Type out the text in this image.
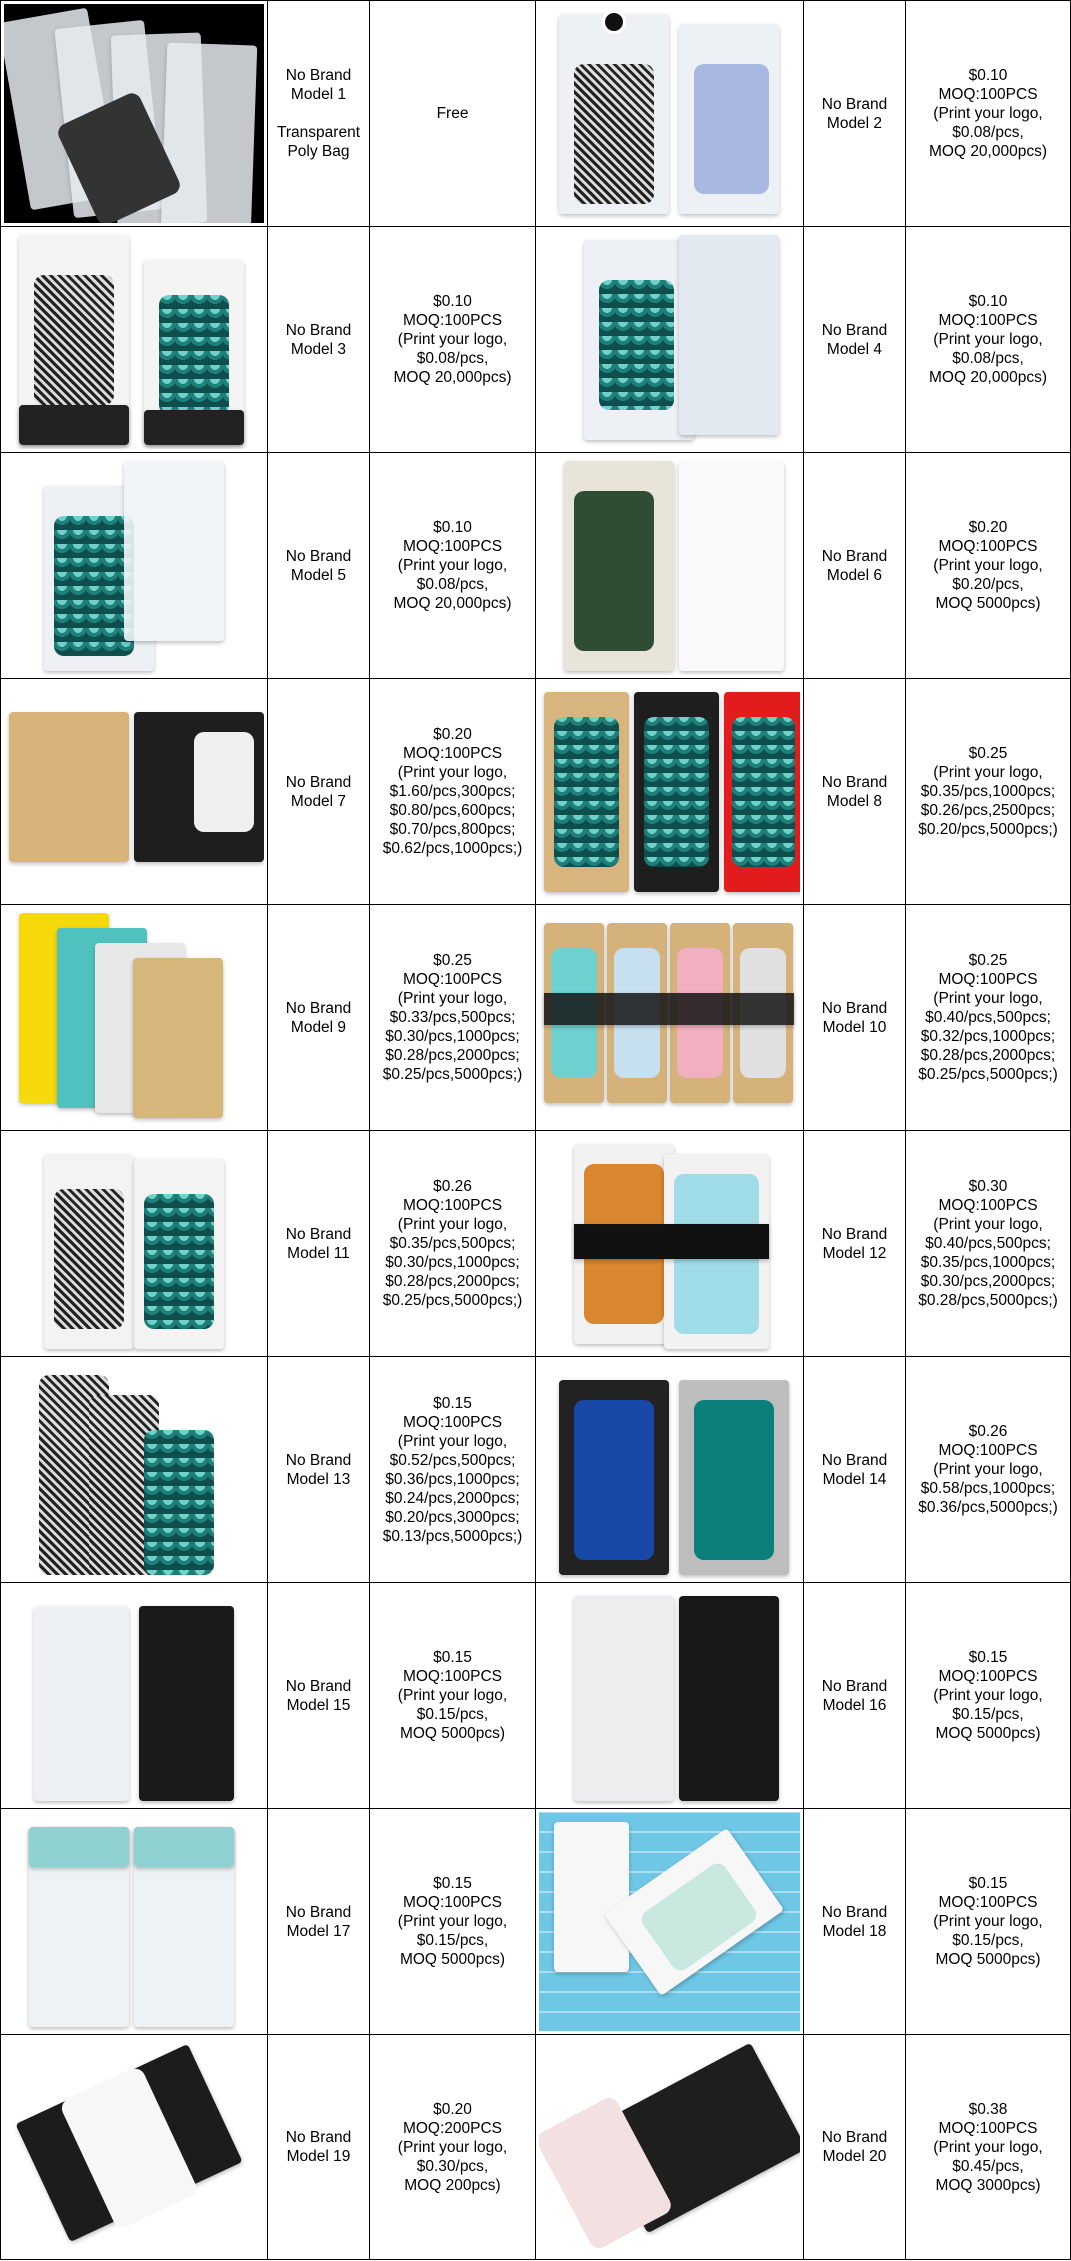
No Brand
Model 1

Transparent
Poly Bag
Free
No Brand
Model 2
$0.10
MOQ:100PCS
(Print your logo,
$0.08/pcs,
MOQ 20,000pcs)
No Brand
Model 3
$0.10
MOQ:100PCS
(Print your logo,
$0.08/pcs,
MOQ 20,000pcs)
No Brand
Model 4
$0.10
MOQ:100PCS
(Print your logo,
$0.08/pcs,
MOQ 20,000pcs)
No Brand
Model 5
$0.10
MOQ:100PCS
(Print your logo,
$0.08/pcs,
MOQ 20,000pcs)
No Brand
Model 6
$0.20
MOQ:100PCS
(Print your logo,
$0.20/pcs,
MOQ 5000pcs)
No Brand
Model 7
$0.20
MOQ:100PCS
(Print your logo,
$1.60/pcs,300pcs;
$0.80/pcs,600pcs;
$0.70/pcs,800pcs;
$0.62/pcs,1000pcs;)
No Brand
Model 8
$0.25
(Print your logo,
$0.35/pcs,1000pcs;
$0.26/pcs,2500pcs;
$0.20/pcs,5000pcs;)
No Brand
Model 9
$0.25
MOQ:100PCS
(Print your logo,
$0.33/pcs,500pcs;
$0.30/pcs,1000pcs;
$0.28/pcs,2000pcs;
$0.25/pcs,5000pcs;)
No Brand
Model 10
$0.25
MOQ:100PCS
(Print your logo,
$0.40/pcs,500pcs;
$0.32/pcs,1000pcs;
$0.28/pcs,2000pcs;
$0.25/pcs,5000pcs;)
No Brand
Model 11
$0.26
MOQ:100PCS
(Print your logo,
$0.35/pcs,500pcs;
$0.30/pcs,1000pcs;
$0.28/pcs,2000pcs;
$0.25/pcs,5000pcs;)
No Brand
Model 12
$0.30
MOQ:100PCS
(Print your logo,
$0.40/pcs,500pcs;
$0.35/pcs,1000pcs;
$0.30/pcs,2000pcs;
$0.28/pcs,5000pcs;)
No Brand
Model 13
$0.15
MOQ:100PCS
(Print your logo,
$0.52/pcs,500pcs;
$0.36/pcs,1000pcs;
$0.24/pcs,2000pcs;
$0.20/pcs,3000pcs;
$0.13/pcs,5000pcs;)
No Brand
Model 14
$0.26
MOQ:100PCS
(Print your logo,
$0.58/pcs,1000pcs;
$0.36/pcs,5000pcs;)
No Brand
Model 15
$0.15
MOQ:100PCS
(Print your logo,
$0.15/pcs,
MOQ 5000pcs)
No Brand
Model 16
$0.15
MOQ:100PCS
(Print your logo,
$0.15/pcs,
MOQ 5000pcs)
No Brand
Model 17
$0.15
MOQ:100PCS
(Print your logo,
$0.15/pcs,
MOQ 5000pcs)
No Brand
Model 18
$0.15
MOQ:100PCS
(Print your logo,
$0.15/pcs,
MOQ 5000pcs)
No Brand
Model 19
$0.20
MOQ:200PCS
(Print your logo,
$0.30/pcs,
MOQ 200pcs)
No Brand
Model 20
$0.38
MOQ:100PCS
(Print your logo,
$0.45/pcs,
MOQ 3000pcs)
